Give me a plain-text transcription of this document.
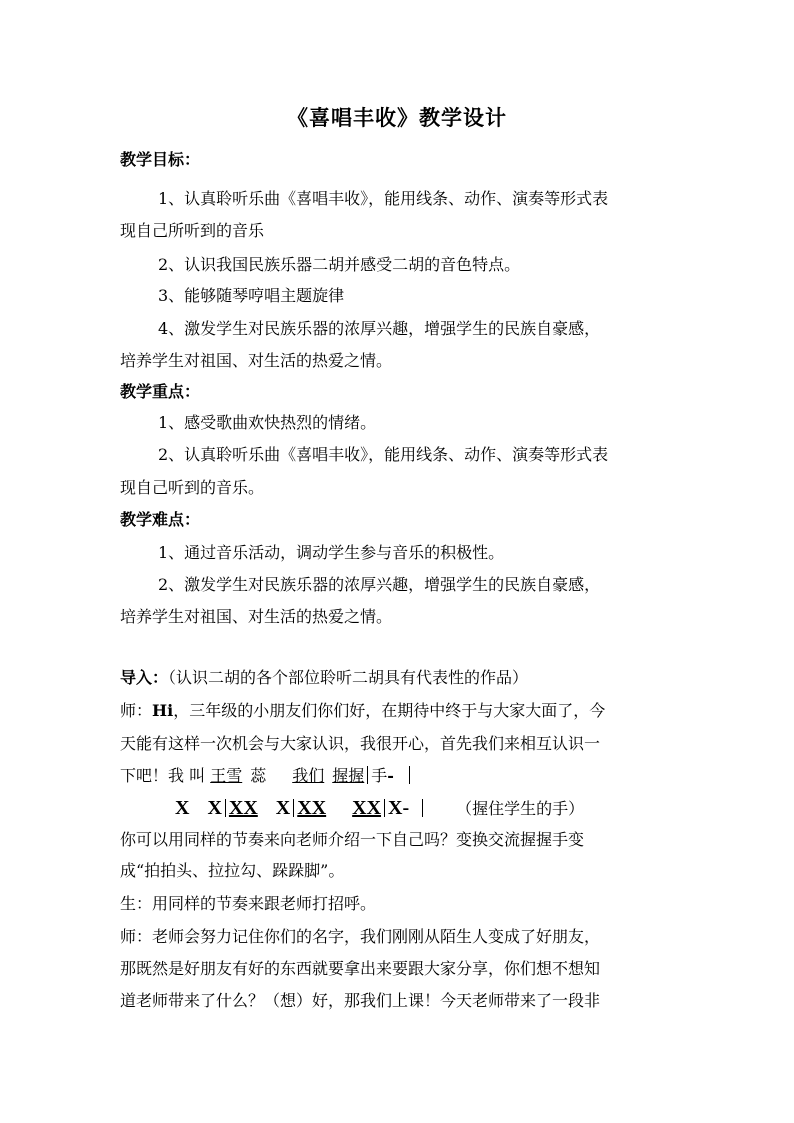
《喜唱丰收》教学设计
教学目标：
1、认真聆听乐曲《喜唱丰收》，能用线条、动作、演奏等形式表
现自己所听到的音乐
2、认识我国民族乐器二胡并感受二胡的音色特点。
3、能够随琴哼唱主题旋律
4、激发学生对民族乐器的浓厚兴趣，增强学生的民族自豪感，
培养学生对祖国、对生活的热爱之情。
教学重点：
1、感受歌曲欢快热烈的情绪。
2、认真聆听乐曲《喜唱丰收》，能用线条、动作、演奏等形式表
现自己听到的音乐。
教学难点：
1、通过音乐活动，调动学生参与音乐的积极性。
2、激发学生对民族乐器的浓厚兴趣，增强学生的民族自豪感，
培养学生对祖国、对生活的热爱之情。
导入：（认识二胡的各个部位聆听二胡具有代表性的作品）
师：Hi，三年级的小朋友们你们好，在期待中终于与大家大面了，今
天能有这样一次机会与大家认识，我很开心，首先我们来相互认识一
下吧！我 叫 王雪 蕊 我们 握握 手-
X X XX X XX XX X-	（握住学生的手）
你可以用同样的节奏来向老师介绍一下自己吗？变换交流握握手变
成“拍拍头、拉拉勾、跺跺脚”。
生：用同样的节奏来跟老师打招呼。
师：老师会努力记住你们的名字，我们刚刚从陌生人变成了好朋友，
那既然是好朋友有好的东西就要拿出来要跟大家分享，你们想不想知
道老师带来了什么？（想）好，那我们上课！今天老师带来了一段非
